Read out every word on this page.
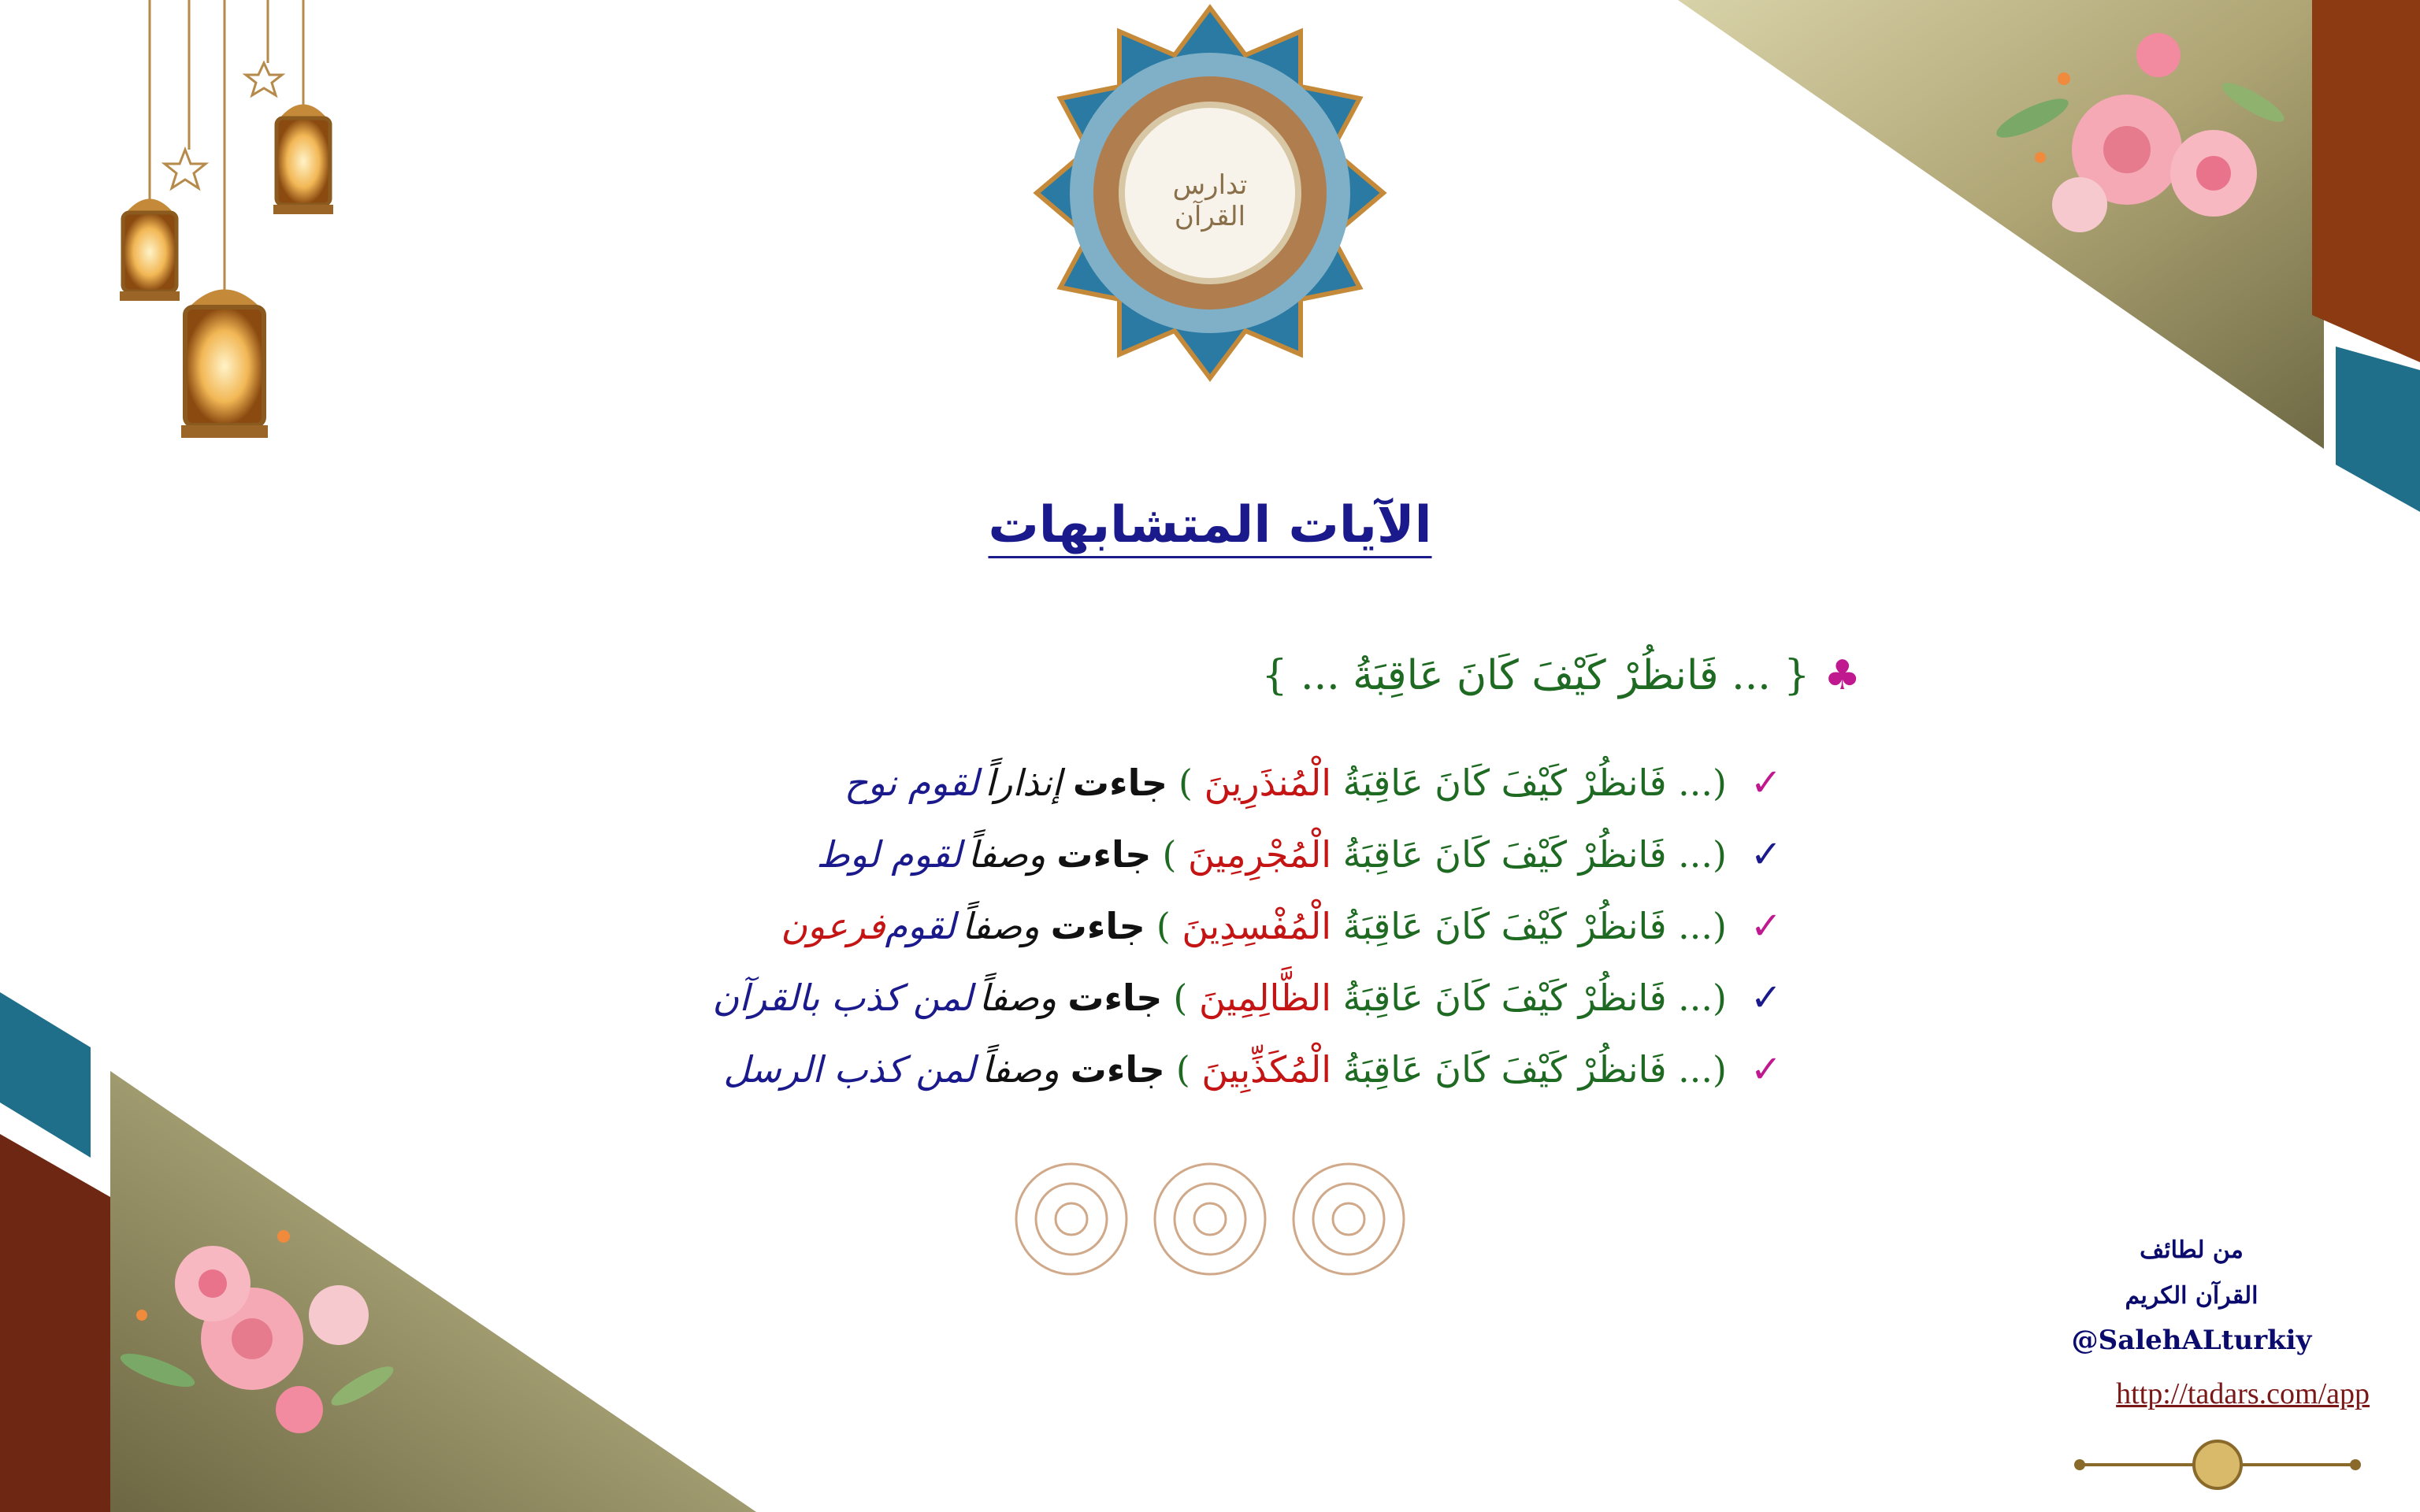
تدارس القرآن
الآيات المتشابهات
♣{ ... فَانظُرْ كَيْفَ كَانَ عَاقِبَةُ ... }
✓
(... فَانظُرْ كَيْفَ كَانَ عَاقِبَةُ الْمُنذَرِينَ )
جاءت
إنذاراً
لقوم نوح
✓
(... فَانظُرْ كَيْفَ كَانَ عَاقِبَةُ الْمُجْرِمِينَ )
جاءت
وصفاً
لقوم لوط
✓
(... فَانظُرْ كَيْفَ كَانَ عَاقِبَةُ الْمُفْسِدِينَ )
جاءت
وصفاً
لقوم
فرعون
✓
(... فَانظُرْ كَيْفَ كَانَ عَاقِبَةُ الظَّالِمِينَ )
جاءت
وصفاً
لمن كذب بالقرآن
✓
(... فَانظُرْ كَيْفَ كَانَ عَاقِبَةُ الْمُكَذِّبِينَ )
جاءت
وصفاً
لمن كذب الرسل
من لطائف
القرآن الكريم
@SalehALturkiy
http://tadars.com/app
